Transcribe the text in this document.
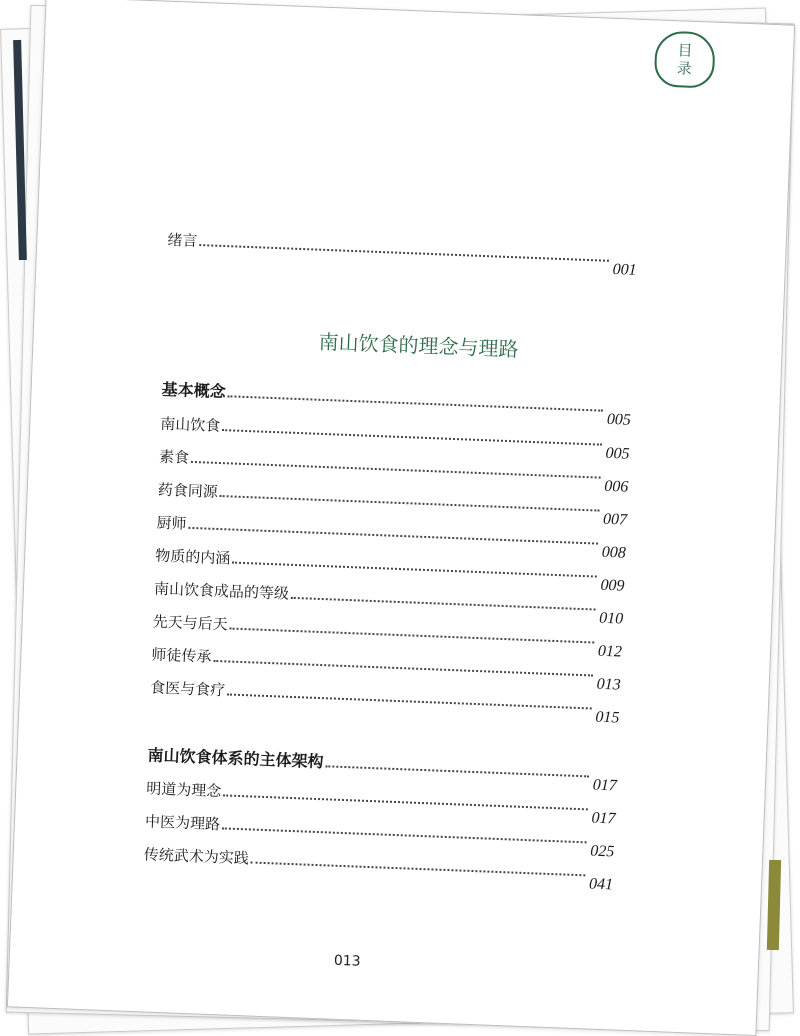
目
录
绪言
001
南山饮食的理念与理路
基本概念
005
南山饮食
005
素食
006
药食同源
007
厨师
008
物质的内涵
009
南山饮食成品的等级
010
先天与后天
012
师徒传承
013
食医与食疗
015
南山饮食体系的主体架构
017
明道为理念
017
中医为理路
025
传统武术为实践
041
013
